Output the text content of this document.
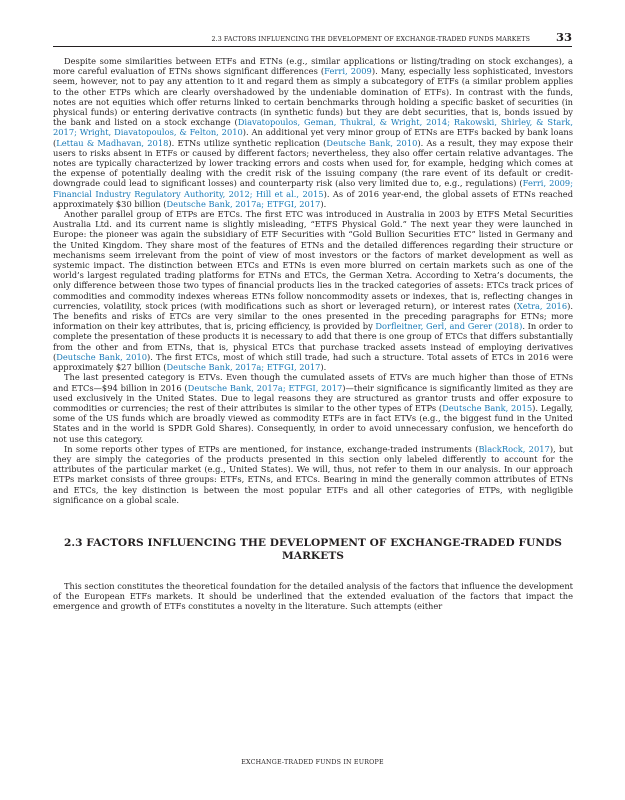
2.3 FACTORS INFLUENCING THE DEVELOPMENT OF EXCHANGE-TRADED FUNDS MARKETS 33

Despite some similarities between ETFs and ETNs (e.g., similar applications or listing/trading on stock exchanges), a more careful evaluation of ETNs shows significant differences (Ferri, 2009). Many, especially less sophisticated, investors seem, however, not to pay any attention to it and regard them as simply a subcategory of ETFs (a similar problem applies to the other ETPs which are clearly overshadowed by the undeniable domination of ETFs). In contrast with the funds, notes are not equities which offer returns linked to certain benchmarks through holding a specific basket of securities (in physical funds) or entering derivative contracts (in synthetic funds) but they are debt securities, that is, bonds issued by the bank and listed on a stock exchange (Diavatopoulos, Geman, Thukral, & Wright, 2014; Rakowski, Shirley, & Stark, 2017; Wright, Diavatopoulos, & Felton, 2010). An additional yet very minor group of ETNs are ETFs backed by bank loans (Lettau & Madhavan, 2018). ETNs utilize synthetic replication (Deutsche Bank, 2010). As a result, they may expose their users to risks absent in ETFs or caused by different factors; nevertheless, they also offer certain relative advantages. The notes are typically characterized by lower tracking errors and costs when used for, for example, hedging which comes at the expense of potentially dealing with the credit risk of the issuing company (the rare event of its default or credit-downgrade could lead to significant losses) and counterparty risk (also very limited due to, e.g., regulations) (Ferri, 2009; Financial Industry Regulatory Authority, 2012; Hill et al., 2015). As of 2016 year-end, the global assets of ETNs reached approximately $30 billion (Deutsche Bank, 2017a; ETFGI, 2017).

Another parallel group of ETPs are ETCs. The first ETC was introduced in Australia in 2003 by ETFS Metal Securities Australia Ltd. and its current name is slightly misleading, “ETFS Physical Gold.” The next year they were launched in Europe: the pioneer was again the subsidiary of ETF Securities with “Gold Bullion Securities ETC” listed in Germany and the United Kingdom. They share most of the features of ETNs and the detailed differences regarding their structure or mechanisms seem irrelevant from the point of view of most investors or the factors of market development as well as systemic impact. The distinction between ETCs and ETNs is even more blurred on certain markets such as one of the world’s largest regulated trading platforms for ETNs and ETCs, the German Xetra. According to Xetra’s documents, the only difference between those two types of financial products lies in the tracked categories of assets: ETCs track prices of commodities and commodity indexes whereas ETNs follow noncommodity assets or indexes, that is, reflecting changes in currencies, volatility, stock prices (with modifications such as short or leveraged return), or interest rates (Xetra, 2016). The benefits and risks of ETCs are very similar to the ones presented in the preceding paragraphs for ETNs; more information on their key attributes, that is, pricing efficiency, is provided by Dorfleitner, Gerl, and Gerer (2018). In order to complete the presentation of these products it is necessary to add that there is one group of ETCs that differs substantially from the other and from ETNs, that is, physical ETCs that purchase tracked assets instead of employing derivatives (Deutsche Bank, 2010). The first ETCs, most of which still trade, had such a structure. Total assets of ETCs in 2016 were approximately $27 billion (Deutsche Bank, 2017a; ETFGI, 2017).

The last presented category is ETVs. Even though the cumulated assets of ETVs are much higher than those of ETNs and ETCs—$94 billion in 2016 (Deutsche Bank, 2017a; ETFGI, 2017)—their significance is significantly limited as they are used exclusively in the United States. Due to legal reasons they are structured as grantor trusts and offer exposure to commodities or currencies; the rest of their attributes is similar to the other types of ETPs (Deutsche Bank, 2015). Legally, some of the US funds which are broadly viewed as commodity ETFs are in fact ETVs (e.g., the biggest fund in the United States and in the world is SPDR Gold Shares). Consequently, in order to avoid unnecessary confusion, we henceforth do not use this category.

In some reports other types of ETPs are mentioned, for instance, exchange-traded instruments (BlackRock, 2017), but they are simply the categories of the products presented in this section only labeled differently to account for the attributes of the particular market (e.g., United States). We will, thus, not refer to them in our analysis. In our approach ETPs market consists of three groups: ETFs, ETNs, and ETCs. Bearing in mind the generally common attributes of ETNs and ETCs, the key distinction is between the most popular ETFs and all other categories of ETPs, with negligible significance on a global scale.

2.3 FACTORS INFLUENCING THE DEVELOPMENT OF EXCHANGE-TRADED FUNDS MARKETS

This section constitutes the theoretical foundation for the detailed analysis of the factors that influence the development of the European ETFs markets. It should be underlined that the extended evaluation of the factors that impact the emergence and growth of ETFs constitutes a novelty in the literature. Such attempts (either

EXCHANGE-TRADED FUNDS IN EUROPE
